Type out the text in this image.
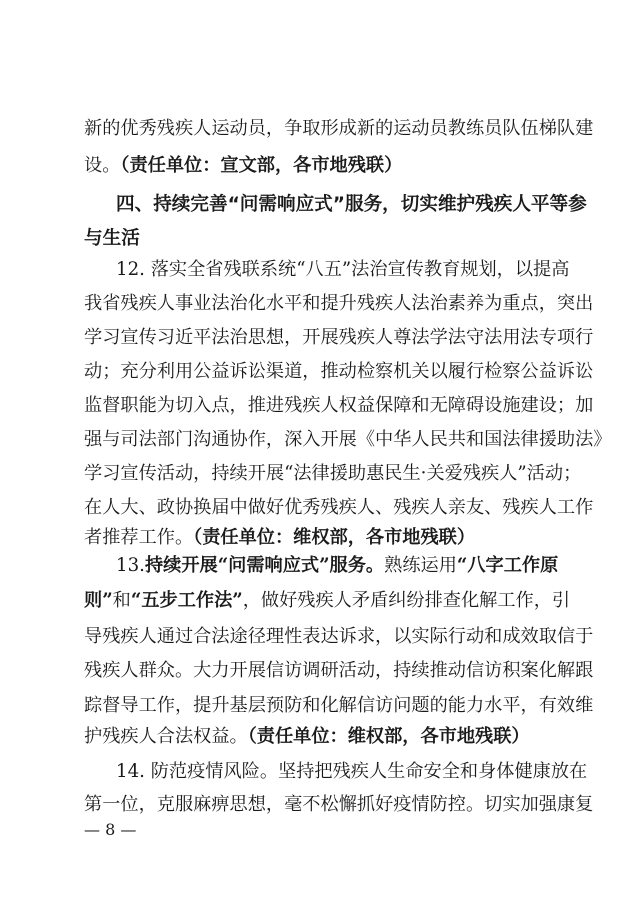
新的优秀残疾人运动员，争取形成新的运动员教练员队伍梯队建
设。（责任单位：宣文部，各市地残联）
四、持续完善“问需响应式”服务，切实维护残疾人平等参
与生活
12. 落实全省残联系统“八五”法治宣传教育规划，以提高
我省残疾人事业法治化水平和提升残疾人法治素养为重点，突出
学习宣传习近平法治思想，开展残疾人尊法学法守法用法专项行
动；充分利用公益诉讼渠道，推动检察机关以履行检察公益诉讼
监督职能为切入点，推进残疾人权益保障和无障碍设施建设；加
强与司法部门沟通协作，深入开展《中华人民共和国法律援助法》
学习宣传活动，持续开展“法律援助惠民生·关爱残疾人”活动；
在人大、政协换届中做好优秀残疾人、残疾人亲友、残疾人工作
者推荐工作。（责任单位：维权部，各市地残联）
13.持续开展“问需响应式”服务。熟练运用“八字工作原
则”和“五步工作法”，做好残疾人矛盾纠纷排查化解工作，引
导残疾人通过合法途径理性表达诉求，以实际行动和成效取信于
残疾人群众。大力开展信访调研活动，持续推动信访积案化解跟
踪督导工作，提升基层预防和化解信访问题的能力水平，有效维
护残疾人合法权益。（责任单位：维权部，各市地残联）
14. 防范疫情风险。坚持把残疾人生命安全和身体健康放在
第一位，克服麻痹思想，毫不松懈抓好疫情防控。切实加强康复
— 8 —
